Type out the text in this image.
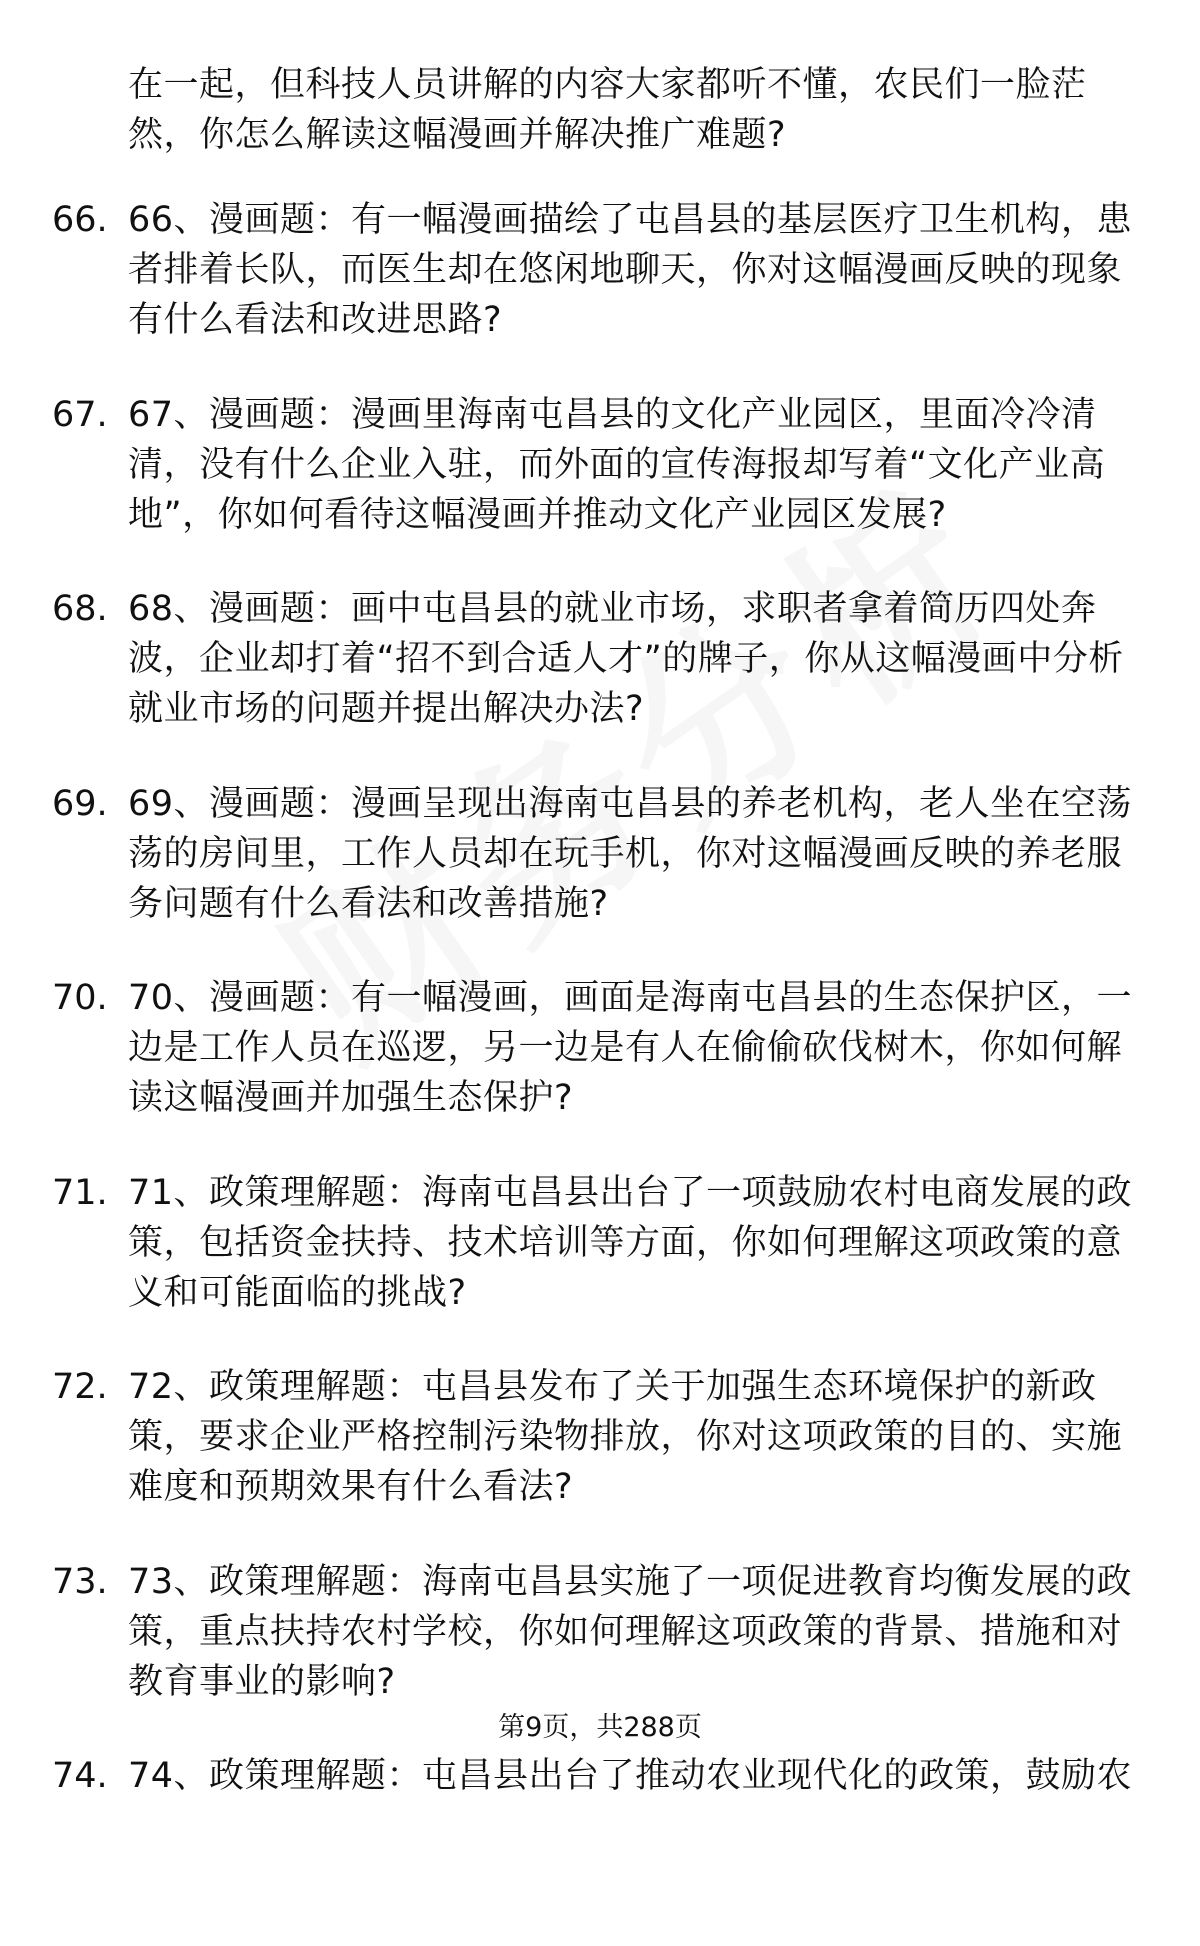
在一起，但科技人员讲解的内容大家都听不懂，农民们一脸茫然，你怎么解读这幅漫画并解决推广难题?
66. 66、漫画题：有一幅漫画描绘了屯昌县的基层医疗卫生机构，患者排着长队，而医生却在悠闲地聊天，你对这幅漫画反映的现象有什么看法和改进思路?
67. 67、漫画题：漫画里海南屯昌县的文化产业园区，里面冷冷清清，没有什么企业入驻，而外面的宣传海报却写着“文化产业高地”，你如何看待这幅漫画并推动文化产业园区发展?
68. 68、漫画题：画中屯昌县的就业市场，求职者拿着简历四处奔波，企业却打着“招不到合适人才”的牌子，你从这幅漫画中分析就业市场的问题并提出解决办法?
69. 69、漫画题：漫画呈现出海南屯昌县的养老机构，老人坐在空荡荡的房间里，工作人员却在玩手机，你对这幅漫画反映的养老服务问题有什么看法和改善措施?
70. 70、漫画题：有一幅漫画，画面是海南屯昌县的生态保护区，一边是工作人员在巡逻，另一边是有人在偷偷砍伐树木，你如何解读这幅漫画并加强生态保护?
71. 71、政策理解题：海南屯昌县出台了一项鼓励农村电商发展的政策，包括资金扶持、技术培训等方面，你如何理解这项政策的意义和可能面临的挑战?
72. 72、政策理解题：屯昌县发布了关于加强生态环境保护的新政策，要求企业严格控制污染物排放，你对这项政策的目的、实施难度和预期效果有什么看法?
73. 73、政策理解题：海南屯昌县实施了一项促进教育均衡发展的政策，重点扶持农村学校，你如何理解这项政策的背景、措施和对教育事业的影响?
74. 74、政策理解题：屯昌县出台了推动农业现代化的政策，鼓励农
第9页，共288页
